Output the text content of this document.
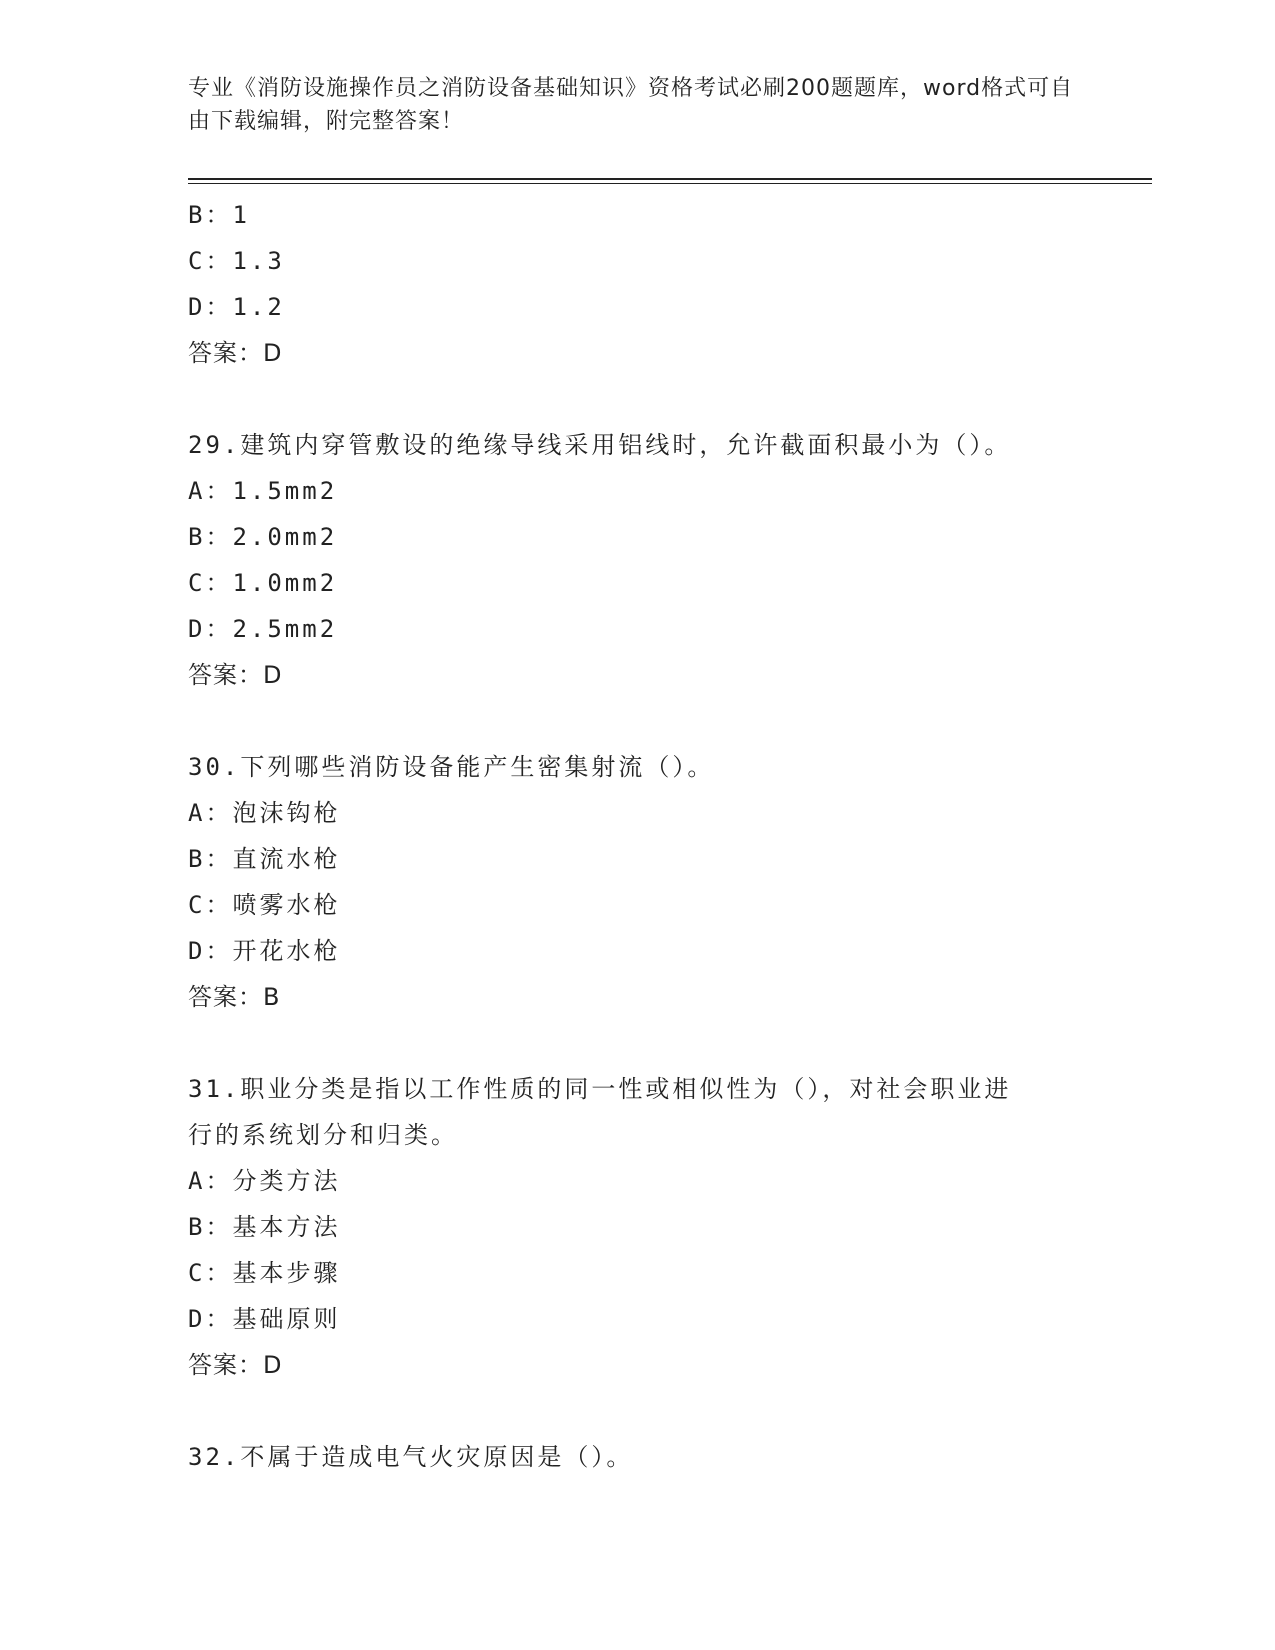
专业《消防设施操作员之消防设备基础知识》资格考试必刷200题题库，word格式可自由下载编辑，附完整答案！
B：1
C：1.3
D：1.2
答案：D
29.建筑内穿管敷设的绝缘导线采用铝线时，允许截面积最小为（）。
A：1.5mm2
B：2.0mm2
C：1.0mm2
D：2.5mm2
答案：D
30.下列哪些消防设备能产生密集射流（）。
A：泡沫钩枪
B：直流水枪
C：喷雾水枪
D：开花水枪
答案：B
31.职业分类是指以工作性质的同一性或相似性为（），对社会职业进
行的系统划分和归类。
A：分类方法
B：基本方法
C：基本步骤
D：基础原则
答案：D
32.不属于造成电气火灾原因是（）。
